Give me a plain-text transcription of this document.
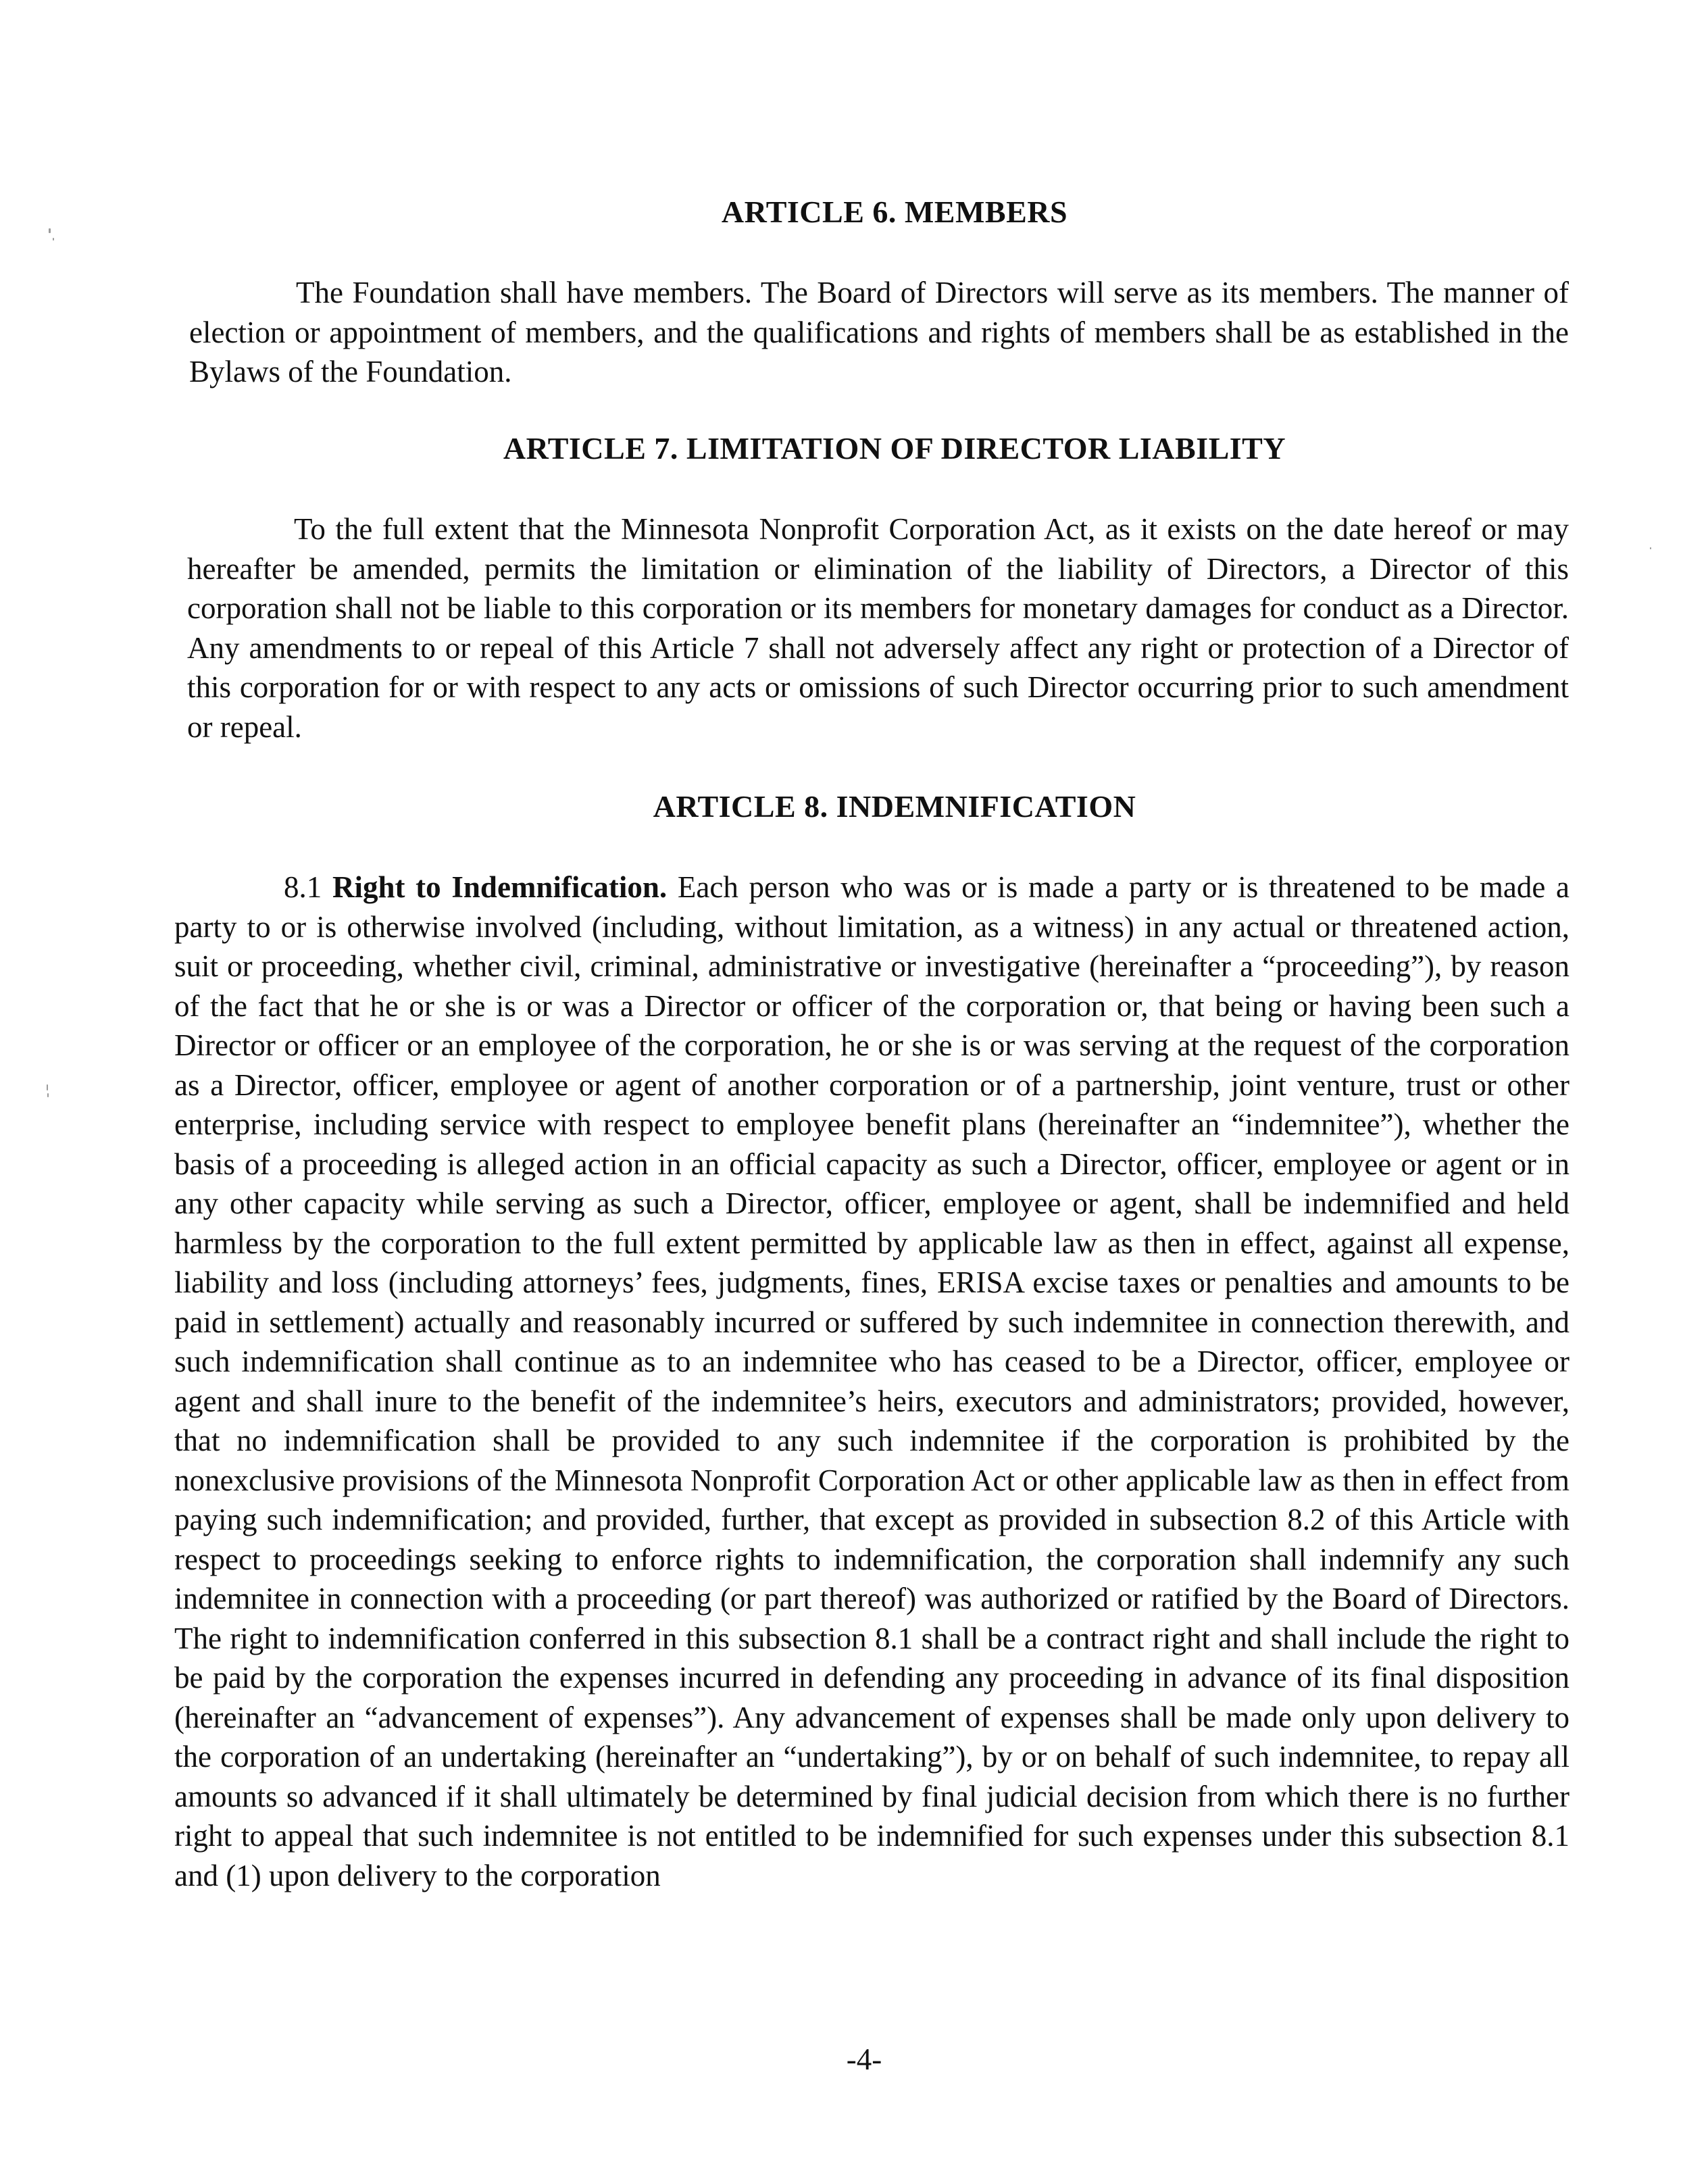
ARTICLE 6. MEMBERS

The Foundation shall have members. The Board of Directors will serve as its members. The manner of election or appointment of members, and the qualifications and rights of members shall be as established in the Bylaws of the Foundation.

ARTICLE 7. LIMITATION OF DIRECTOR LIABILITY

To the full extent that the Minnesota Nonprofit Corporation Act, as it exists on the date hereof or may hereafter be amended, permits the limitation or elimination of the liability of Directors, a Director of this corporation shall not be liable to this corporation or its members for monetary damages for conduct as a Director. Any amendments to or repeal of this Article 7 shall not adversely affect any right or protection of a Director of this corporation for or with respect to any acts or omissions of such Director occurring prior to such amendment or repeal.

ARTICLE 8. INDEMNIFICATION

8.1 Right to Indemnification. Each person who was or is made a party or is threatened to be made a party to or is otherwise involved (including, without limitation, as a witness) in any actual or threatened action, suit or proceeding, whether civil, criminal, administrative or investigative (hereinafter a “proceeding”), by reason of the fact that he or she is or was a Director or officer of the corporation or, that being or having been such a Director or officer or an employee of the corporation, he or she is or was serving at the request of the corporation as a Director, officer, employee or agent of another corporation or of a partnership, joint venture, trust or other enterprise, including service with respect to employee benefit plans (hereinafter an “indemnitee”), whether the basis of a proceeding is alleged action in an official capacity as such a Director, officer, employee or agent or in any other capacity while serving as such a Director, officer, employee or agent, shall be indemnified and held harmless by the corporation to the full extent permitted by applicable law as then in effect, against all expense, liability and loss (including attorneys’ fees, judgments, fines, ERISA excise taxes or penalties and amounts to be paid in settlement) actually and reasonably incurred or suffered by such indemnitee in connection therewith, and such indemnification shall continue as to an indemnitee who has ceased to be a Director, officer, employee or agent and shall inure to the benefit of the indemnitee’s heirs, executors and administrators; provided, however, that no indemnification shall be provided to any such indemnitee if the corporation is prohibited by the nonexclusive provisions of the Minnesota Nonprofit Corporation Act or other applicable law as then in effect from paying such indemnification; and provided, further, that except as provided in subsection 8.2 of this Article with respect to proceedings seeking to enforce rights to indemnification, the corporation shall indemnify any such indemnitee in connection with a proceeding (or part thereof) was authorized or ratified by the Board of Directors. The right to indemnification conferred in this subsection 8.1 shall be a contract right and shall include the right to be paid by the corporation the expenses incurred in defending any proceeding in advance of its final disposition (hereinafter an “advancement of expenses”). Any advancement of expenses shall be made only upon delivery to the corporation of an undertaking (hereinafter an “undertaking”), by or on behalf of such indemnitee, to repay all amounts so advanced if it shall ultimately be determined by final judicial decision from which there is no further right to appeal that such indemnitee is not entitled to be indemnified for such expenses under this subsection 8.1 and (1) upon delivery to the corporation

-4-
